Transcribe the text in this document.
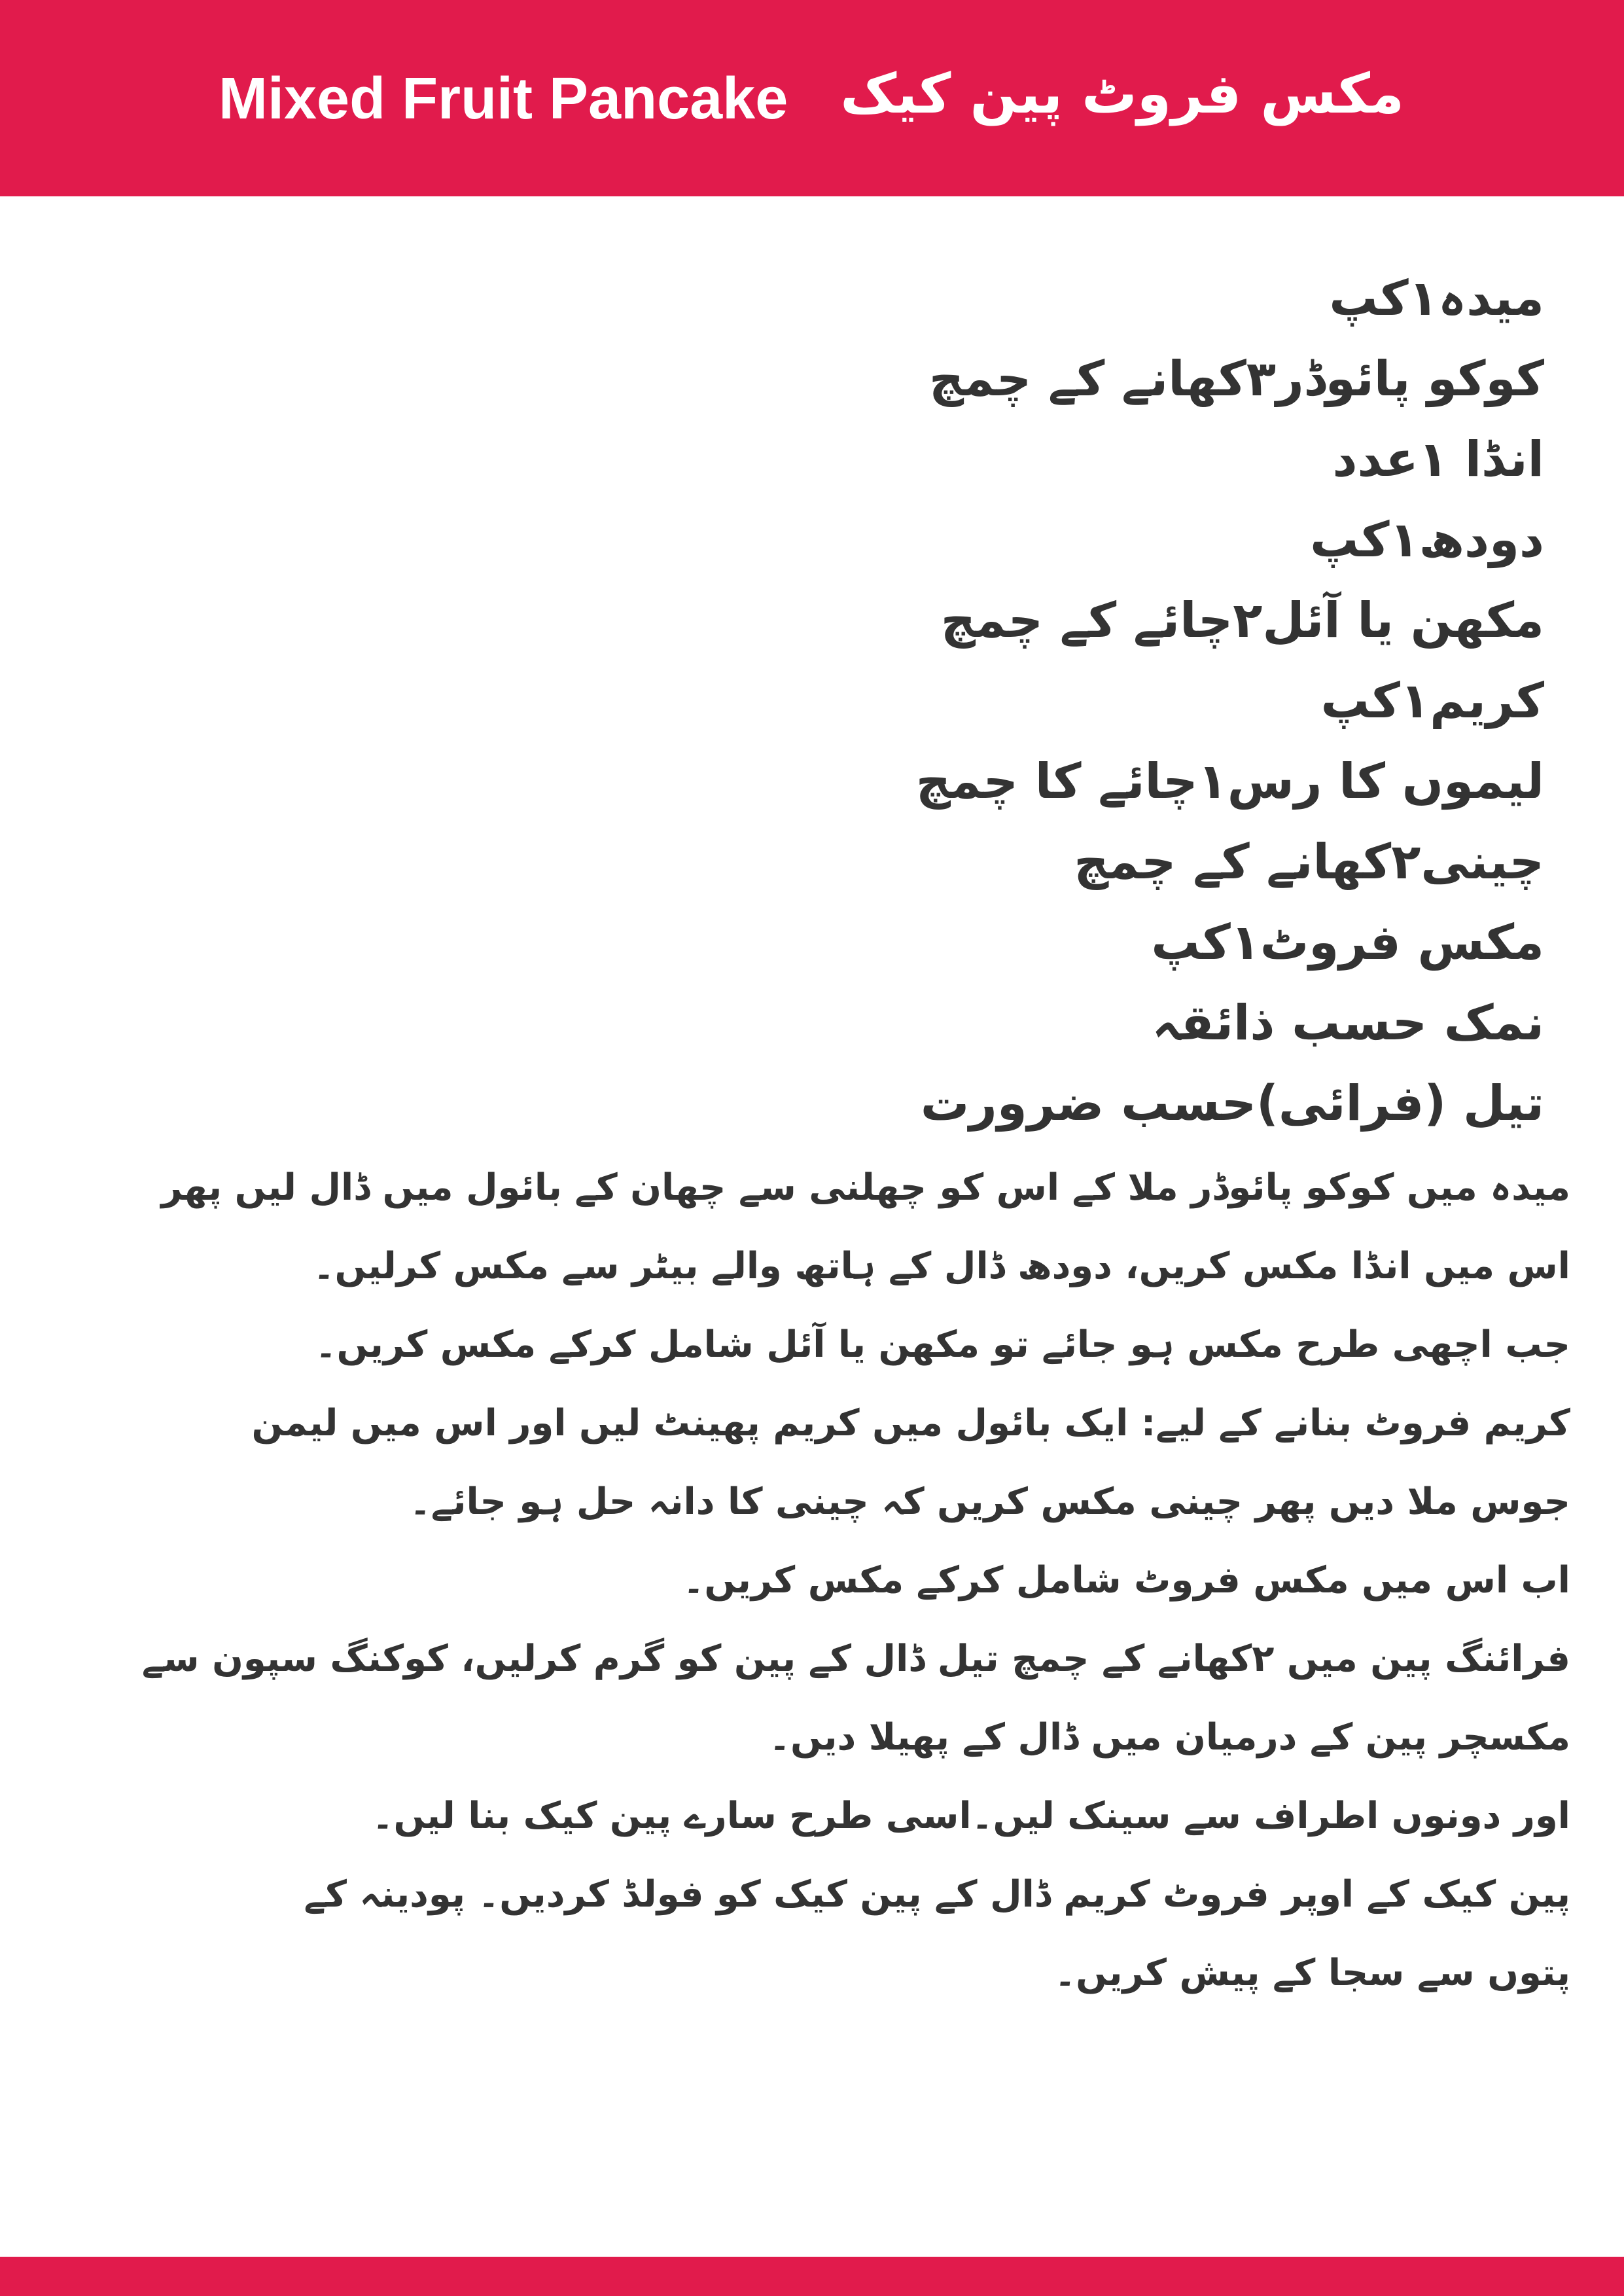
Mixed Fruit Pancake مکس فروٹ پین کیک
میدہ۱کپ
کوکو پائوڈر۳کھانے کے چمچ
انڈا ۱عدد
دودھ۱کپ
مکھن یا آئل۲چائے کے چمچ
کریم۱کپ
لیموں کا رس۱چائے کا چمچ
چینی۲کھانے کے چمچ
مکس فروٹ۱کپ
نمک حسب ذائقہ
تیل (فرائی)حسب ضرورت
میدہ میں کوکو پائوڈر ملا کے اس کو چھلنی سے چھان کے بائول میں ڈال لیں پھر
اس میں انڈا مکس کریں، دودھ ڈال کے ہاتھ والے بیٹر سے مکس کرلیں۔
جب اچھی طرح مکس ہو جائے تو مکھن یا آئل شامل کرکے مکس کریں۔
کریم فروٹ بنانے کے لیے: ایک بائول میں کریم پھینٹ لیں اور اس میں لیمن
جوس ملا دیں پھر چینی مکس کریں کہ چینی کا دانہ حل ہو جائے۔
اب اس میں مکس فروٹ شامل کرکے مکس کریں۔
فرائنگ پین میں ۲کھانے کے چمچ تیل ڈال کے پین کو گرم کرلیں، کوکنگ سپون سے
مکسچر پین کے درمیان میں ڈال کے پھیلا دیں۔
اور دونوں اطراف سے سینک لیں۔اسی طرح سارے پین کیک بنا لیں۔
پین کیک کے اوپر فروٹ کریم ڈال کے پین کیک کو فولڈ کردیں۔ پودینہ کے
پتوں سے سجا کے پیش کریں۔
